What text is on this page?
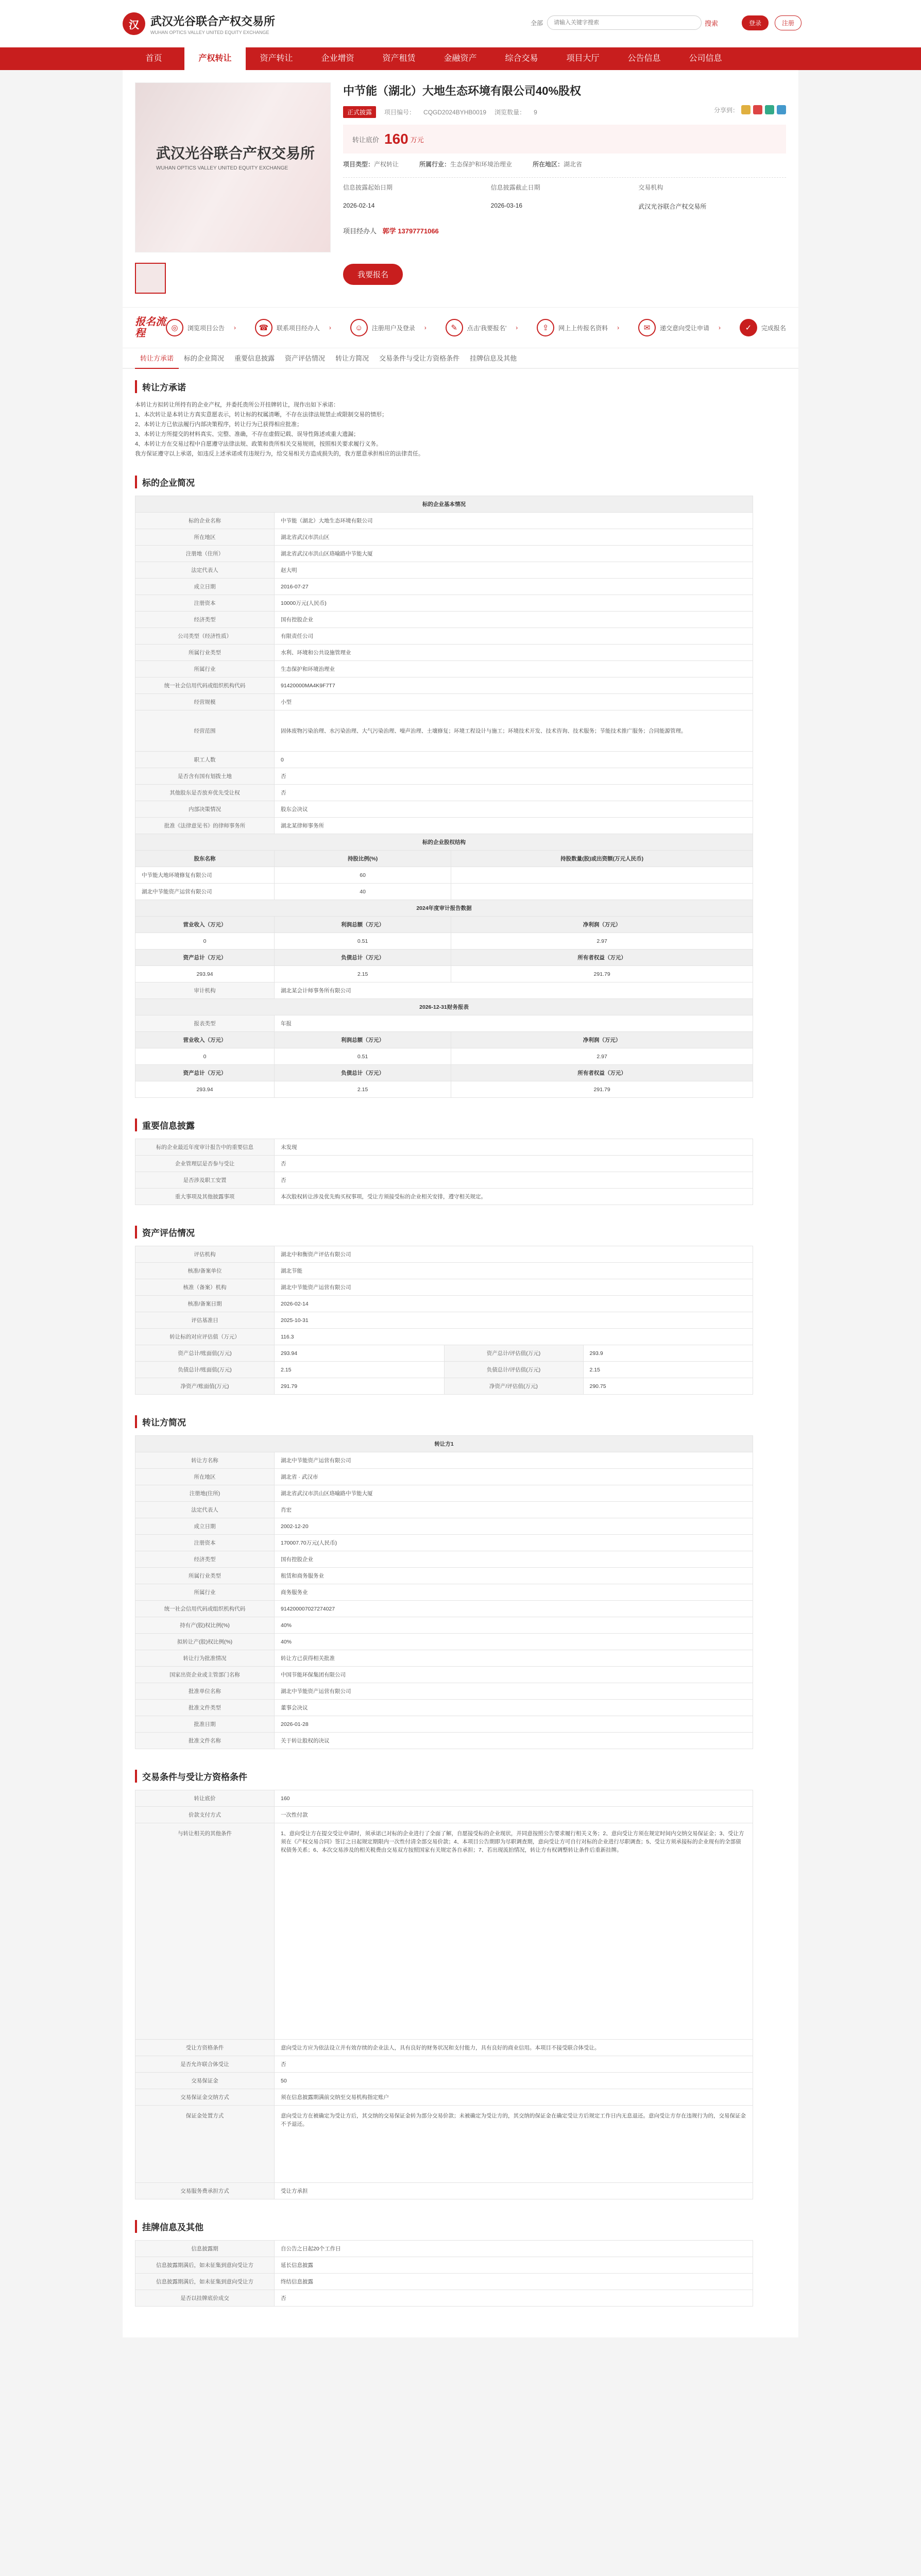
汉	武汉光谷联合产权交易所
WUHAN OPTICS VALLEY UNITED EQUITY EXCHANGE
全部
请输入关键字搜索	搜索	登录	注册
首页	产权转让	资产转让	企业增资	资产租赁	金融资产	综合交易	项目大厅	公告信息	公司信息
武汉光谷联合产权交易所
WUHAN OPTICS VALLEY UNITED EQUITY EXCHANGE
中节能（湖北）大地生态环境有限公司40%股权
正式披露	项目编号： CQGD2024BYHB0019 浏览数量： 9	分享到：
转让底价 160 万元
项目类型：产权转让	所属行业：生态保护和环境治理业	所在地区：湖北省
信息披露起始日期	信息披露截止日期	交易机构
2026-02-14	2026-03-16	武汉光谷联合产权交易所
项目经办人 郭学 13797771066
我要报名
报名流程	◎	浏览项目公告 ›	☎	联系项目经办人 ›	☺	注册用户及登录 ›	✎	点击'我要报名' ›	⇪	网上上传报名资料 ›	✉	递交意向受让申请 ›	✓	完成报名
转让方承诺	标的企业简况	重要信息披露	资产评估情况	转让方简况	交易条件与受让方资格条件	挂牌信息及其他
转让方承诺

本转让方拟转让所持有的企业产权，并委托贵所公开挂牌转让，现作出如下承诺：

1、本次转让是本转让方真实意愿表示，转让标的权属清晰，不存在法律法规禁止或限制交易的情形；

2、本转让方已依法履行内部决策程序，转让行为已获得相应批准；

3、本转让方所提交的材料真实、完整、准确，不存在虚假记载、误导性陈述或重大遗漏；

4、本转让方在交易过程中自愿遵守法律法规、政策和贵所相关交易规则，按照相关要求履行义务。

我方保证遵守以上承诺，如违反上述承诺或有违规行为，给交易相关方造成损失的，我方愿意承担相应的法律责任。

标的企业简况
标的企业基本情况		
标的企业名称	中节能（湖北）大地生态环境有限公司	
所在地区	湖北省武汉市洪山区	
注册地（住所）	湖北省武汉市洪山区珞喻路中节能大厦	
法定代表人	赵大明	
成立日期	2016-07-27	
注册资本	10000万元(人民币)	
经济类型	国有控股企业	
公司类型（经济性质）	有限责任公司	
所属行业类型	水利、环境和公共设施管理业	
所属行业	生态保护和环境治理业	
统一社会信用代码或组织机构代码	91420000MA4K9F7T7	
经营规模	小型	
经营范围	固体废物污染治理、水污染治理、大气污染治理、噪声治理、土壤修复；环境工程设计与施工；环境技术开发、技术咨询、技术服务；节能技术推广服务；合同能源管理。	
职工人数	0	
是否含有国有划拨土地	否	
其他股东是否放弃优先受让权	否	
内部决策情况	股东会决议	
批准《法律意见书》的律师事务所	湖北某律师事务所	
标的企业股权结构		
股东名称	持股比例(%)	持股数量(股)或出资额(万元人民币)
中节能大地环境修复有限公司	60	
湖北中节能资产运营有限公司	40	
2024年度审计报告数据		
营业收入（万元）	利润总额（万元）	净利润（万元）
0	0.51	2.97
资产总计（万元）	负债总计（万元）	所有者权益（万元）
293.94	2.15	291.79
审计机构	湖北某会计师事务所有限公司	
2026-12-31财务报表		
报表类型	年报	
营业收入（万元）	利润总额（万元）	净利润（万元）
0	0.51	2.97
资产总计（万元）	负债总计（万元）	所有者权益（万元）
293.94	2.15	291.79
重要信息披露
标的企业最近年度审计报告中的重要信息	未发现
企业管理层是否参与受让	否
是否涉及职工安置	否
重大事项及其他披露事项	本次股权转让涉及优先购买权事项，受让方须接受标的企业相关安排，遵守相关规定。
资产评估情况
评估机构	湖北中和衡资产评估有限公司		
核准/备案单位	湖北节能		
核准（备案）机构	湖北中节能资产运营有限公司		
核准/备案日期	2026-02-14		
评估基准日	2025-10-31		
转让标的对应评估值（万元）	116.3		
资产总计/账面值(万元)	293.94	资产总计/评估值(万元)	293.9
负债总计/账面值(万元)	2.15	负债总计/评估值(万元)	2.15
净资产/账面值(万元)	291.79	净资产/评估值(万元)	290.75
转让方简况
转让方1	
转让方名称	湖北中节能资产运营有限公司
所在地区	湖北省 · 武汉市
注册地(住所)	湖北省武汉市洪山区珞喻路中节能大厦
法定代表人	肖宏
成立日期	2002-12-20
注册资本	170007.70万元(人民币)
经济类型	国有控股企业
所属行业类型	租赁和商务服务业
所属行业	商务服务业
统一社会信用代码或组织机构代码	914200007027274027
持有产(股)权比例(%)	40%
拟转让产(股)权比例(%)	40%
转让行为批准情况	转让方已获得相关批准
国家出资企业或主管部门名称	中国节能环保集团有限公司
批准单位名称	湖北中节能资产运营有限公司
批准文件类型	董事会决议
批准日期	2026-01-28
批准文件名称	关于转让股权的决议
交易条件与受让方资格条件
转让底价	160
价款支付方式	一次性付款
与转让相关的其他条件	1、意向受让方在提交受让申请时，须承诺已对标的企业进行了全面了解，自愿接受标的企业现状，并同意按照公告要求履行相关义务；2、意向受让方须在规定时间内交纳交易保证金；3、受让方须在《产权交易合同》签订之日起规定期限内一次性付清全部交易价款；4、本项目公告期即为尽职调查期，意向受让方可自行对标的企业进行尽职调查；5、受让方须承接标的企业现有的全部债权债务关系；6、本次交易涉及的相关税费由交易双方按照国家有关规定各自承担；7、若出现流拍情况，转让方有权调整转让条件后重新挂牌。
受让方资格条件	意向受让方应为依法设立并有效存续的企业法人，具有良好的财务状况和支付能力，具有良好的商业信用。本项目不接受联合体受让。
是否允许联合体受让	否
交易保证金	50
交易保证金交纳方式	须在信息披露期满前交纳至交易机构指定账户
保证金处置方式	意向受让方在被确定为受让方后，其交纳的交易保证金转为部分交易价款；未被确定为受让方的，其交纳的保证金在确定受让方后规定工作日内无息退还。意向受让方存在违规行为的，交易保证金不予退还。
交易服务费承担方式	受让方承担
挂牌信息及其他
信息披露期	自公告之日起20个工作日
信息披露期满后，如未征集到意向受让方	延长信息披露
信息披露期满后，如未征集到意向受让方	终结信息披露
是否以挂牌底价成交	否
